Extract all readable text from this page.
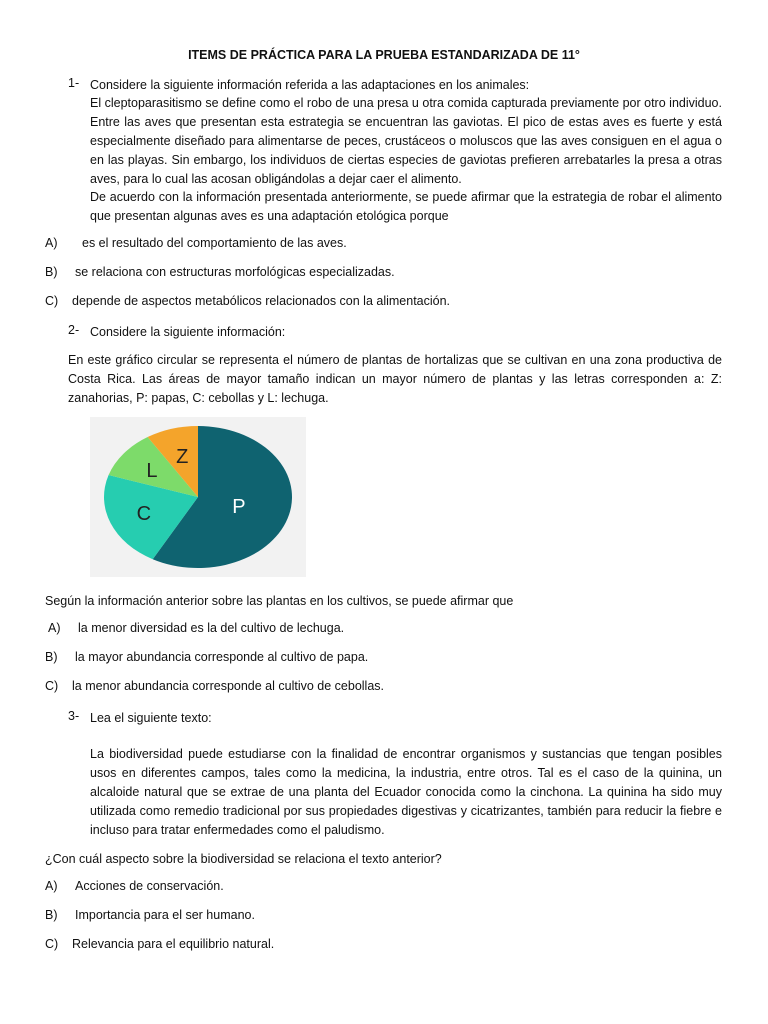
ITEMS DE PRÁCTICA PARA LA PRUEBA ESTANDARIZADA DE 11°
1- Considere la siguiente información referida a las adaptaciones en los animales:
El cleptoparasitismo se define como el robo de una presa u otra comida capturada previamente por otro individuo. Entre las aves que presentan esta estrategia se encuentran las gaviotas. El pico de estas aves es fuerte y está especialmente diseñado para alimentarse de peces, crustáceos o moluscos que las aves consiguen en el agua o en las playas. Sin embargo, los individuos de ciertas especies de gaviotas prefieren arrebatarles la presa a otras aves, para lo cual las acosan obligándolas a dejar caer el alimento.
De acuerdo con la información presentada anteriormente, se puede afirmar que la estrategia de robar el alimento que presentan algunas aves es una adaptación etológica porque
A) es el resultado del comportamiento de las aves.
B) se relaciona con estructuras morfológicas especializadas.
C) depende de aspectos metabólicos relacionados con la alimentación.
2- Considere la siguiente información:
En este gráfico circular se representa el número de plantas de hortalizas que se cultivan en una zona productiva de Costa Rica. Las áreas de mayor tamaño indican un mayor número de plantas y las letras corresponden a: Z: zanahorias, P: papas, C: cebollas y L: lechuga.
P
C
L
Z
Según la información anterior sobre las plantas en los cultivos, se puede afirmar que
A) la menor diversidad es la del cultivo de lechuga.
B) la mayor abundancia corresponde al cultivo de papa.
C) la menor abundancia corresponde al cultivo de cebollas.
3- Lea el siguiente texto:
La biodiversidad puede estudiarse con la finalidad de encontrar organismos y sustancias que tengan posibles usos en diferentes campos, tales como la medicina, la industria, entre otros. Tal es el caso de la quinina, un alcaloide natural que se extrae de una planta del Ecuador conocida como la cinchona. La quinina ha sido muy utilizada como remedio tradicional por sus propiedades digestivas y cicatrizantes, también para reducir la fiebre e incluso para tratar enfermedades como el paludismo.
¿Con cuál aspecto sobre la biodiversidad se relaciona el texto anterior?
A) Acciones de conservación.
B) Importancia para el ser humano.
C) Relevancia para el equilibrio natural.
